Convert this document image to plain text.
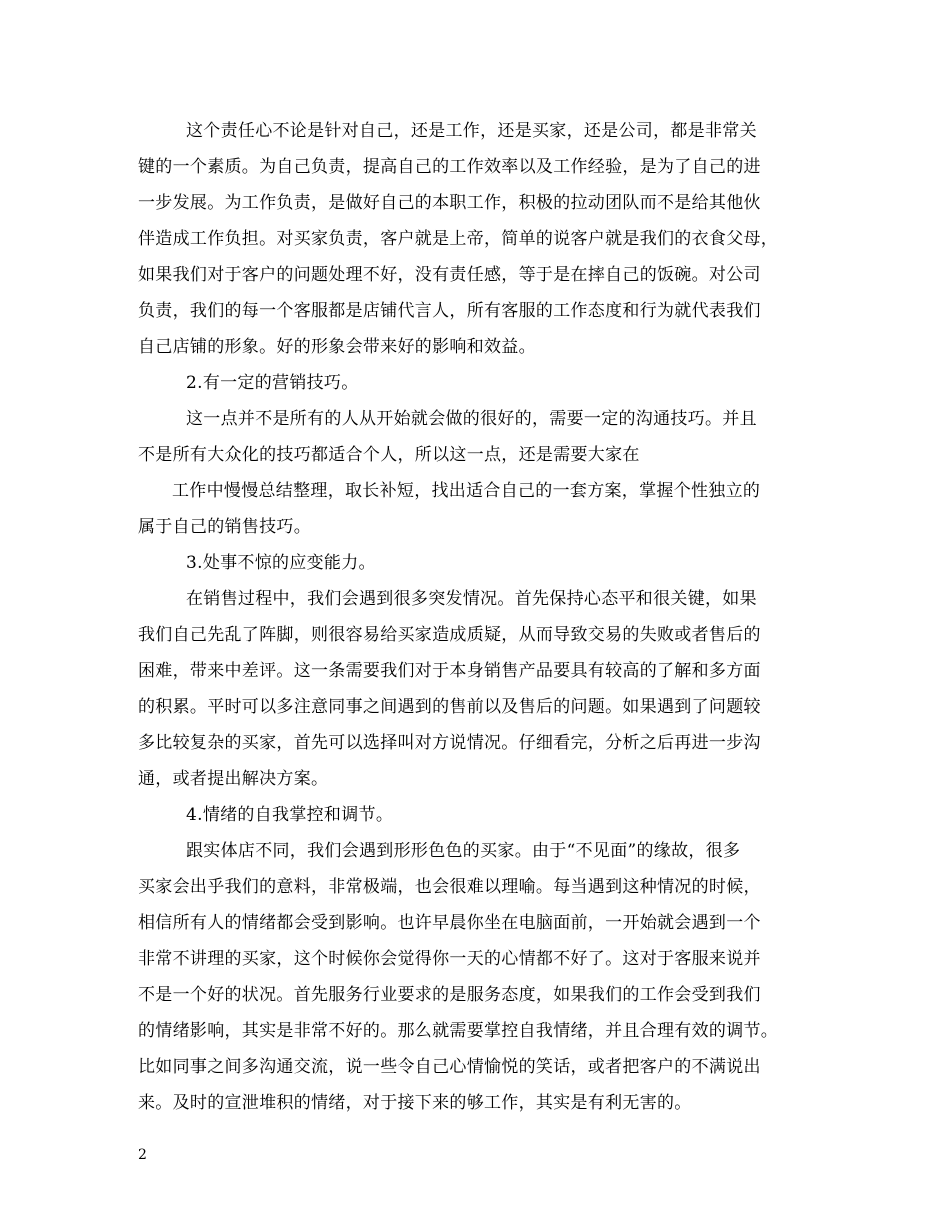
这个责任心不论是针对自己，还是工作，还是买家，还是公司，都是非常关
键的一个素质。为自己负责，提高自己的工作效率以及工作经验，是为了自己的进
一步发展。为工作负责，是做好自己的本职工作，积极的拉动团队而不是给其他伙
伴造成工作负担。对买家负责，客户就是上帝，简单的说客户就是我们的衣食父母，
如果我们对于客户的问题处理不好，没有责任感，等于是在摔自己的饭碗。对公司
负责，我们的每一个客服都是店铺代言人，所有客服的工作态度和行为就代表我们
自己店铺的形象。好的形象会带来好的影响和效益。
2.有一定的营销技巧。
这一点并不是所有的人从开始就会做的很好的，需要一定的沟通技巧。并且
不是所有大众化的技巧都适合个人，所以这一点，还是需要大家在
工作中慢慢总结整理，取长补短，找出适合自己的一套方案，掌握个性独立的
属于自己的销售技巧。
3.处事不惊的应变能力。
在销售过程中，我们会遇到很多突发情况。首先保持心态平和很关键，如果
我们自己先乱了阵脚，则很容易给买家造成质疑，从而导致交易的失败或者售后的
困难，带来中差评。这一条需要我们对于本身销售产品要具有较高的了解和多方面
的积累。平时可以多注意同事之间遇到的售前以及售后的问题。如果遇到了问题较
多比较复杂的买家，首先可以选择叫对方说情况。仔细看完，分析之后再进一步沟
通，或者提出解决方案。
4.情绪的自我掌控和调节。
跟实体店不同，我们会遇到形形色色的买家。由于“不见面”的缘故，很多
买家会出乎我们的意料，非常极端，也会很难以理喻。每当遇到这种情况的时候，
相信所有人的情绪都会受到影响。也许早晨你坐在电脑面前，一开始就会遇到一个
非常不讲理的买家，这个时候你会觉得你一天的心情都不好了。这对于客服来说并
不是一个好的状况。首先服务行业要求的是服务态度，如果我们的工作会受到我们
的情绪影响，其实是非常不好的。那么就需要掌控自我情绪，并且合理有效的调节。
比如同事之间多沟通交流，说一些令自己心情愉悦的笑话，或者把客户的不满说出
来。及时的宣泄堆积的情绪，对于接下来的够工作，其实是有利无害的。
2
